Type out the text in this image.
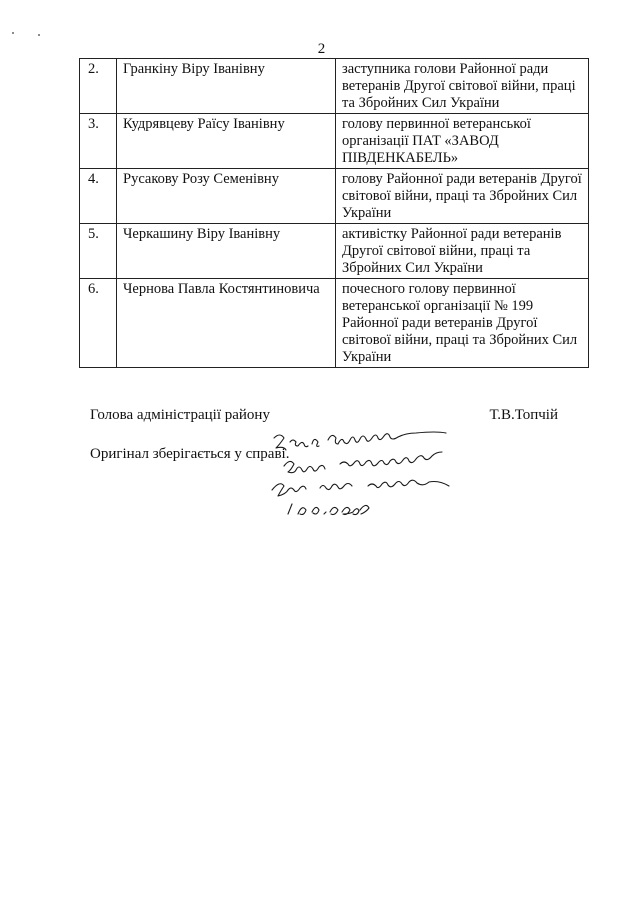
2
2.	Гранкіну Віру Іванівну	заступника голови Районної ради ветеранів Другої світової війни, праці та Збройних Сил України
3.	Кудрявцеву Раїсу Іванівну	голову первинної ветеранської організації ПАТ «ЗАВОД ПІВДЕНКАБЕЛЬ»
4.	Русакову Розу Семенівну	голову Районної ради ветеранів Другої світової війни, праці та Збройних Сил України
5.	Черкашину Віру Іванівну	активістку Районної ради ветеранів Другої світової війни, праці та Збройних Сил України
6.	Чернова Павла Костянтиновича	почесного голову первинної ветеранської організації № 199 Районної ради ветеранів Другої світової війни, праці та Збройних Сил України
Голова адміністрації району	Т.В.Топчій
Оригінал зберігається у справі.
